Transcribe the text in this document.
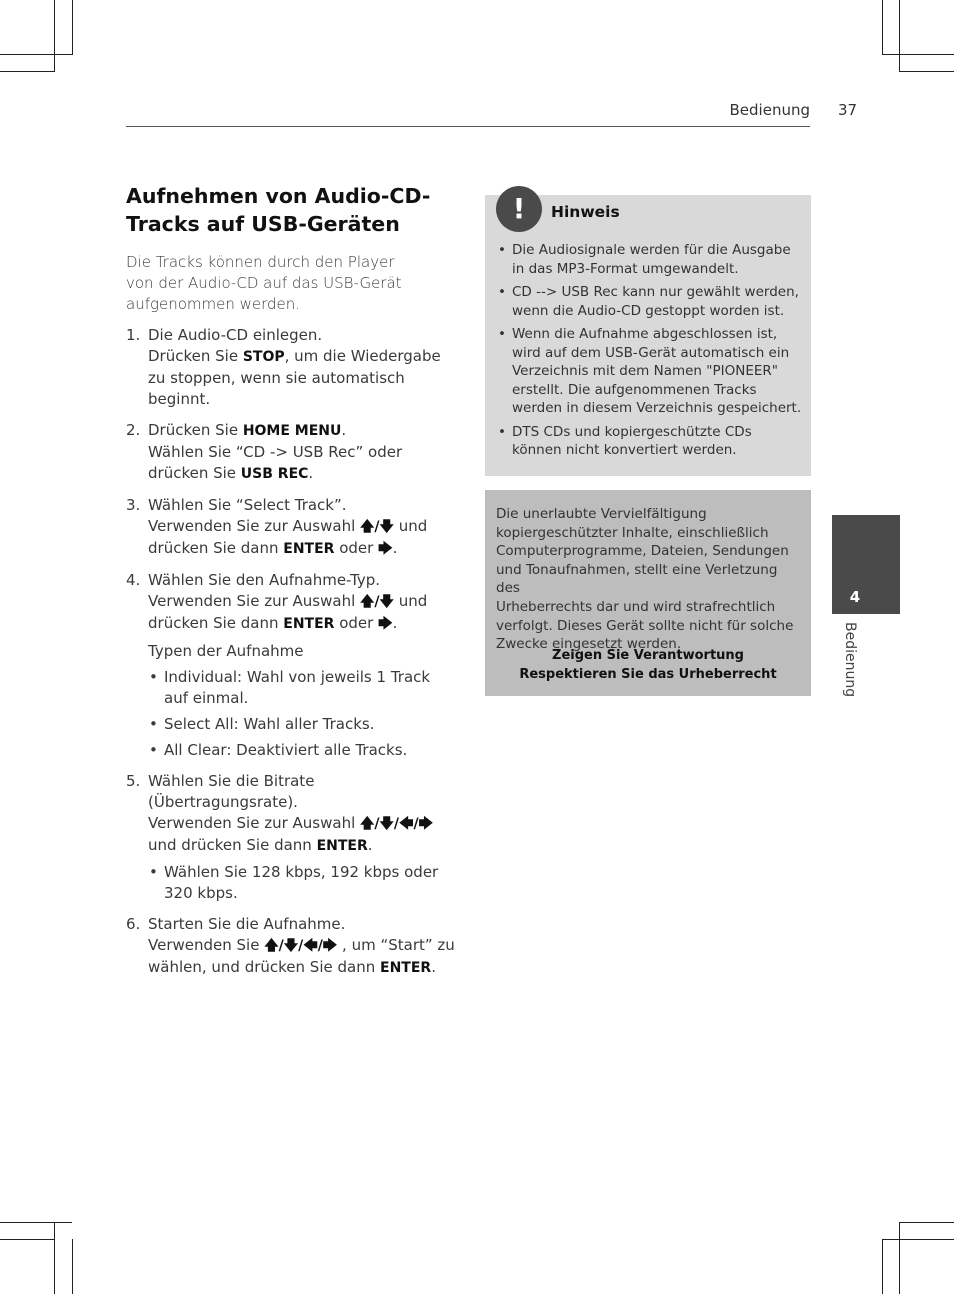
Bedienung 37
Aufnehmen von Audio-CD-
Tracks auf USB-Geräten

Die Tracks können durch den Player
von der Audio-CD auf das USB-Gerät
aufgenommen werden.

1. Die Audio-CD einlegen.
Drücken Sie STOP, um die Wiedergabe
zu stoppen, wenn sie automatisch
beginnt.
2. Drücken Sie HOME MENU.
Wählen Sie “CD -> USB Rec” oder
drücken Sie USB REC.
3. Wählen Sie “Select Track”.
Verwenden Sie zur Auswahl 🡅/🡇 und
drücken Sie dann ENTER oder 🡆.
4. Wählen Sie den Aufnahme-Typ.
Verwenden Sie zur Auswahl 🡅/🡇 und
drücken Sie dann ENTER oder 🡆.
Typen der Aufnahme
• Individual: Wahl von jeweils 1 Track
auf einmal.
• Select All: Wahl aller Tracks.
• All Clear: Deaktiviert alle Tracks.
5. Wählen Sie die Bitrate
(Übertragungsrate).
Verwenden Sie zur Auswahl 🡅/🡇/🡄/🡆
und drücken Sie dann ENTER.
• Wählen Sie 128 kbps, 192 kbps oder
320 kbps.
6. Starten Sie die Aufnahme.
Verwenden Sie 🡅/🡇/🡄/🡆 , um “Start” zu
wählen, und drücken Sie dann ENTER.
!	Hinweis
• Die Audiosignale werden für die Ausgabe
in das MP3-Format umgewandelt.
• CD --> USB Rec kann nur gewählt werden,
wenn die Audio-CD gestoppt worden ist.
• Wenn die Aufnahme abgeschlossen ist,
wird auf dem USB-Gerät automatisch ein
Verzeichnis mit dem Namen "PIONEER"
erstellt. Die aufgenommenen Tracks
werden in diesem Verzeichnis gespeichert.
• DTS CDs und kopiergeschützte CDs
können nicht konvertiert werden.
Die unerlaubte Vervielfältigung
kopiergeschützter Inhalte, einschließlich
Computerprogramme, Dateien, Sendungen
und Tonaufnahmen, stellt eine Verletzung des
Urheberrechts dar und wird strafrechtlich
verfolgt. Dieses Gerät sollte nicht für solche
Zwecke eingesetzt werden.
Zeigen Sie Verantwortung
Respektieren Sie das Urheberrecht
4
Bedienung
